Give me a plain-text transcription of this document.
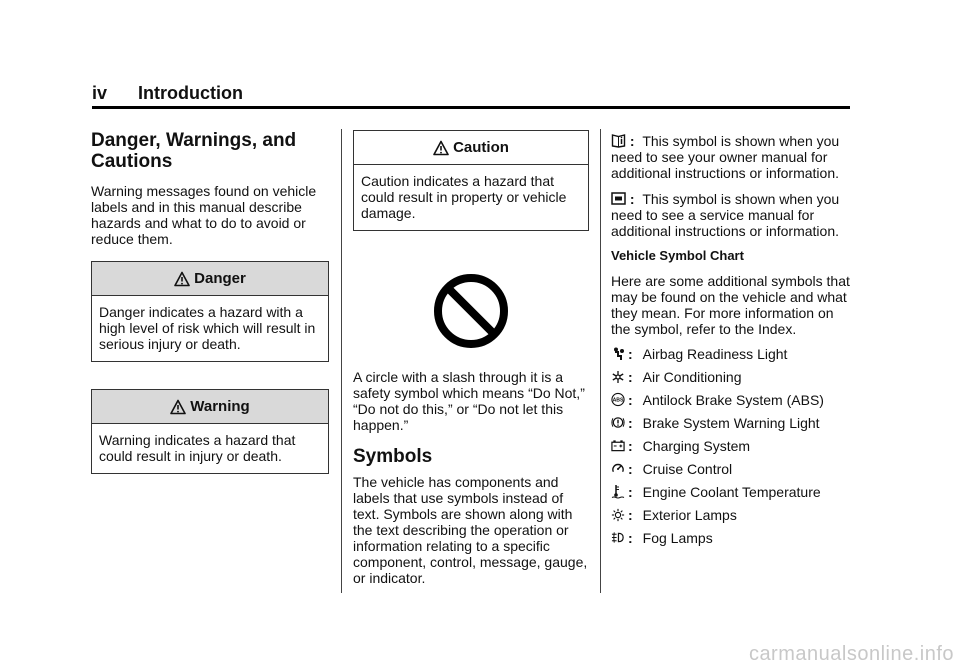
iv Introduction
Danger, Warnings, and Cautions

Warning messages found on vehicle labels and in this manual describe hazards and what to do to avoid or reduce them.

Danger
Danger indicates a hazard with a high level of risk which will result in serious injury or death.
Warning
Warning indicates a hazard that could result in injury or death.
Caution
Caution indicates a hazard that could result in property or vehicle damage.

A circle with a slash through it is a safety symbol which means “Do Not,” “Do not do this,” or “Do not let this happen.”

Symbols

The vehicle has components and labels that use symbols instead of text. Symbols are shown along with the text describing the operation or information relating to a specific component, control, message, gauge, or indicator.

:  This symbol is shown when you need to see your owner manual for additional instructions or information.

:  This symbol is shown when you need to see a service manual for additional instructions or information.

Vehicle Symbol Chart

Here are some additional symbols that may be found on the vehicle and what they mean. For more information on the symbol, refer to the Index.

: Airbag Readiness Light
: Air Conditioning
ABS : Antilock Brake System (ABS)
: Brake System Warning Light
: Charging System
: Cruise Control
: Engine Coolant Temperature
: Exterior Lamps
: Fog Lamps
carmanualsonline.info
